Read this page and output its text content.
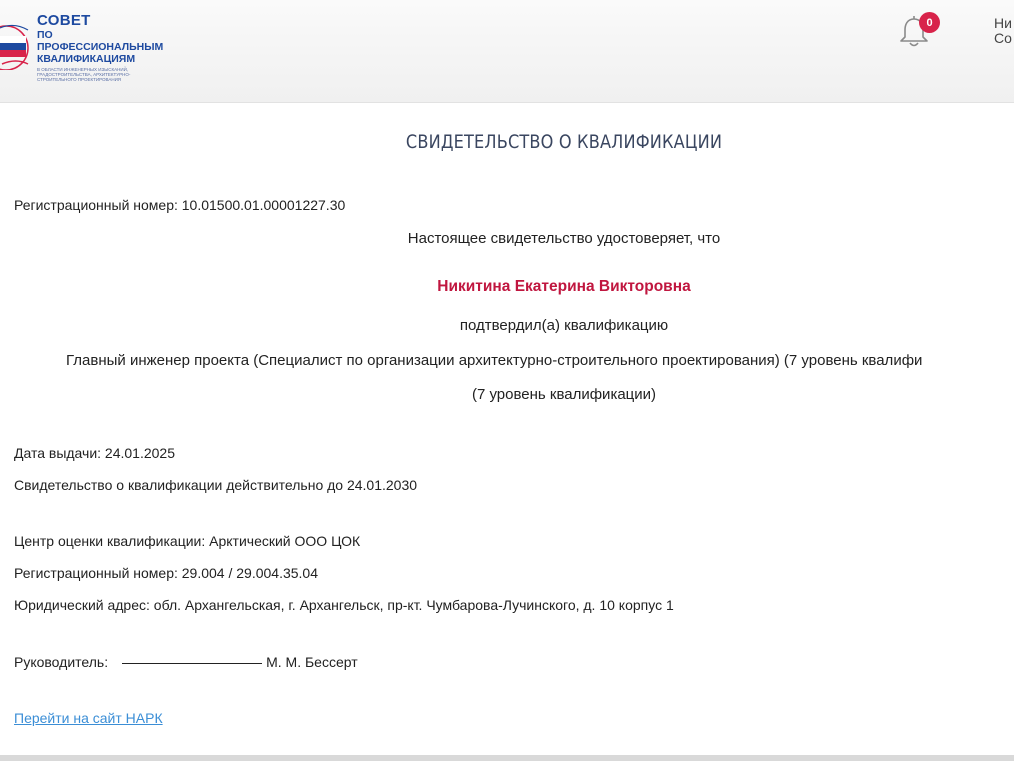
СОВЕТ
ПО ПРОФЕССИОНАЛЬНЫМ
КВАЛИФИКАЦИЯМ
В ОБЛАСТИ ИНЖЕНЕРНЫХ ИЗЫСКАНИЙ, ГРАДОСТРОИТЕЛЬСТВА, АРХИТЕКТУРНО-СТРОИТЕЛЬНОГО ПРОЕКТИРОВАНИЯ
0	Ни
Со
СВИДЕТЕЛЬСТВО О КВАЛИФИКАЦИИ
Регистрационный номер: 10.01500.01.00001227.30
Настоящее свидетельство удостоверяет, что
Никитина Екатерина Викторовна
подтвердил(а) квалификацию
Главный инженер проекта (Специалист по организации архитектурно-строительного проектирования) (7 уровень квалифи
(7 уровень квалификации)
Дата выдачи: 24.01.2025
Свидетельство о квалификации действительно до 24.01.2030
Центр оценки квалификации: Арктический ООО ЦОК
Регистрационный номер: 29.004 / 29.004.35.04
Юридический адрес: обл. Архангельская, г. Архангельск, пр-кт. Чумбарова-Лучинского, д. 10 корпус 1
Руководитель:	М. М. Бессерт
Перейти на сайт НАРК
